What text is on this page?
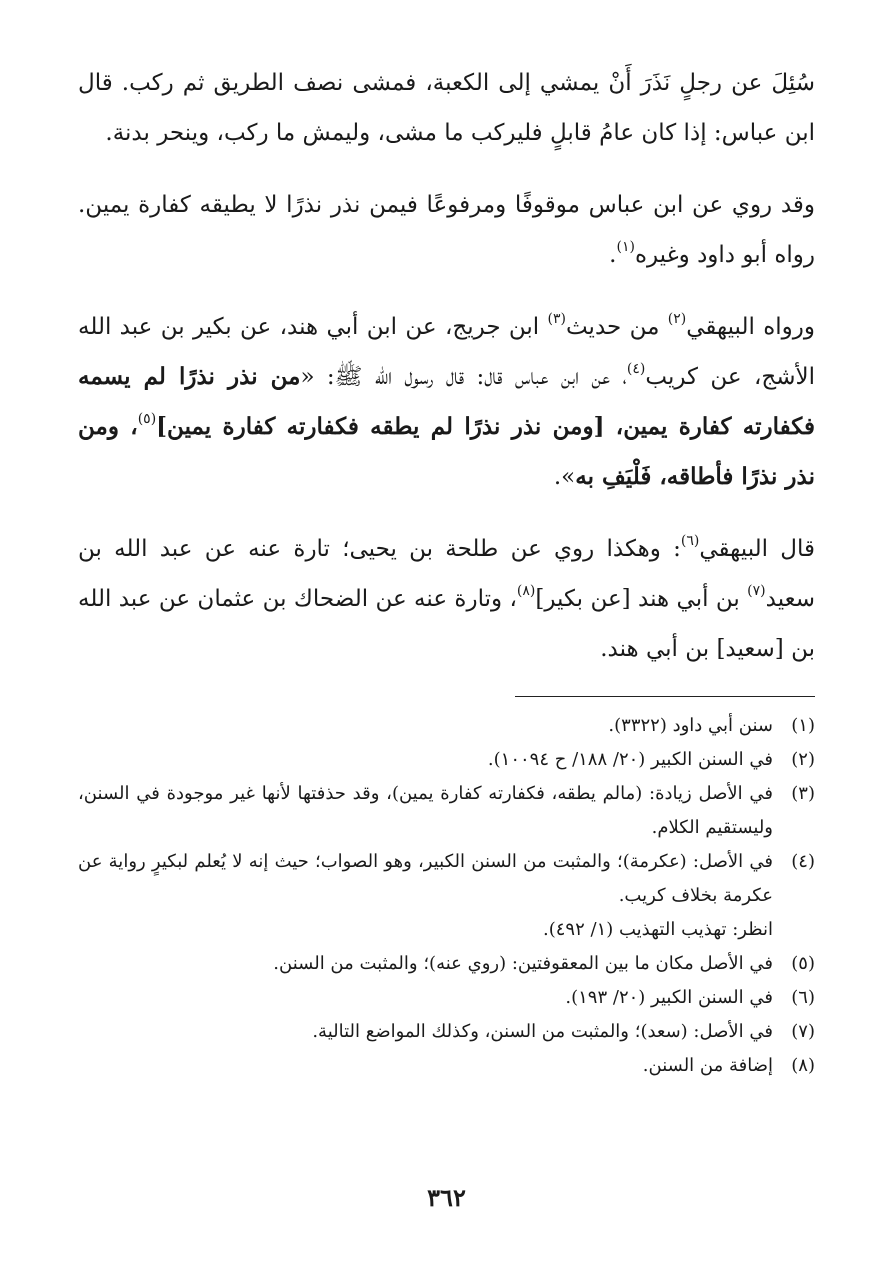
سُئِلَ عن رجلٍ نَذَرَ أَنْ يمشي إلى الكعبة، فمشى نصف الطريق ثم ركب. قال ابن عباس: إذا كان عامُ قابلٍ فليركب ما مشى، وليمش ما ركب، وينحر بدنة.

وقد روي عن ابن عباس موقوفًا ومرفوعًا فيمن نذر نذرًا لا يطيقه كفارة يمين. رواه أبو داود وغيره$^{(١)}$.

ورواه البيهقي$^{(٢)}$ من حديث$^{(٣)}$ ابن جريج، عن ابن أبي هند، عن بكير بن عبد الله الأشج، عن كريب$^{(٤)}$، عن ابن عباس قال: قال رسول الله ﷺ: «من نذر نذرًا لم يسمه فكفارته كفارة يمين، [ومن نذر نذرًا لم يطقه فكفارته كفارة يمين]$^{(٥)}$، ومن نذر نذرًا فأطاقه، فَلْيَفِ به».

قال البيهقي$^{(٦)}$: وهكذا روي عن طلحة بن يحيى؛ تارة عنه عن عبد الله بن سعيد$^{(٧)}$ بن أبي هند [عن بكير]$^{(٨)}$، وتارة عنه عن الضحاك بن عثمان عن عبد الله بن [سعيد] بن أبي هند.

(١)
سنن أبي داود (٣٣٢٢).
(٢)
في السنن الكبير (٢٠/ ١٨٨/ ح ١٠٠٩٤).
(٣)
في الأصل زيادة: (مالم يطقه، فكفارته كفارة يمين)، وقد حذفتها لأنها غير موجودة في السنن، وليستقيم الكلام.
(٤)
في الأصل: (عكرمة)؛ والمثبت من السنن الكبير، وهو الصواب؛ حيث إنه لا يُعلم لبكيرٍ رواية عن عكرمة بخلاف كريب.
انظر: تهذيب التهذيب (١/ ٤٩٢).
(٥)
في الأصل مكان ما بين المعقوفتين: (روي عنه)؛ والمثبت من السنن.
(٦)
في السنن الكبير (٢٠/ ١٩٣).
(٧)
في الأصل: (سعد)؛ والمثبت من السنن، وكذلك المواضع التالية.
(٨)
إضافة من السنن.
٣٦٢
